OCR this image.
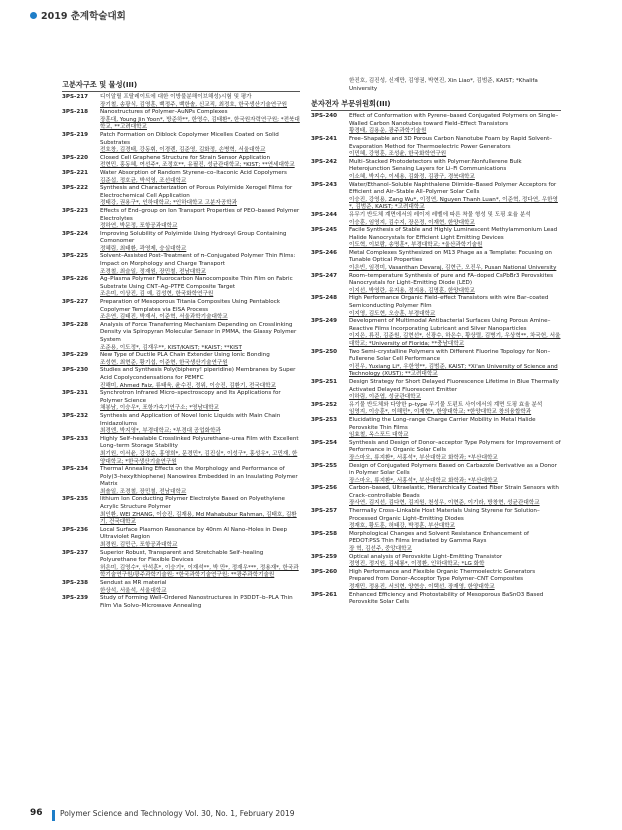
2019 춘계학술대회
고분자구조 및 물성(III)
3PS-217	디이알릴 프탈레이트에 대한 이방불분해이브해성)시험 및 평가
장기철, 송광식, 김영훈, 백정주, 백한솔, 신교직, 최정호, 한국생산기술연구원
3PS-218	Nanostructures of Polymer–AuNPs Complexes
장훈대, Young Jin Yoon*, 방준하**, 한영수, 김태환*, 한국원자력연구원; *전북대학교, **고려대학교
3PS-219	Patch Formation on Diblock Copolymer Micelles Coated on Solid Substrates
전호창, 김경태, 강동휘, 이경렌, 김준영, 김화정, 손병혁, 서울대학교
3PS-220	Closed Cell Graphene Structure for Strain Sensor Application
전현민, 홍동혜, 여선주*, 조정호**, 유필진, 성균관대학교; *KIST; **연세대학교
3PS-221	Water Absorption of Random Styrene–co–Itaconic Acid Copolymers
김준섭, 정호균, 박석영, 조선대학교
3PS-222	Synthesis and Characterization of Porous Polyimide Xerogel Films for Electrochemical Cell Application
정태강, 권용구*, 인하대학교; *인하대학교 고분자공학과
3PS-223	Effects of End–group on Ion Transport Properties of PEO–based Polymer Electrolytes
정하연, 박문정, 포항공과대학교
3PS-224	Improving Solubility of Polyimide Using Hydroxyl Group Containing Comonomer
정혜림, 최태환, 곽영제, 숭실대학교
3PS-225	Solvent–Assisted Post–Treatment of π–Conjugated Polymer Thin Films: Impact on Morphology and Charge Transport
조경철, 최슬일, 정재원, 장민철, 전남대학교
3PS-226	Ag–Plasma Polymer Fluorocarbon Nanocomposite Thin Film on Fabric Substrate Using CNT–Ag–PTFE Composite Target
조은미, 이상진, 김 예, 김성현, 한국화학연구원
3PS-227	Preparation of Mesoporous Titania Composites Using Pentablock Copolymer Templates via EISA Process
조은연, 김태진, 박재서, 이준혁, 서울과학기술대학교
3PS-228	Analysis of Force Transferring Mechanism Depending on Crosslinking Density via Spiropyran Molecular Sensor in PMMA, the Glassy Polymer System
조준용, 이도정*, 김재우**, KIST/KAIST; *KAIST; **KIST
3PS-229	New Type of Ductile PLA Chain Extender Using Ionic Bonding
조성현, 최현준, 황기섭, 이준현, 한국생산기술연구원
3PS-230	Studies and Synthesis Poly(bipheny! piperidine) Membranes by Super Acid Copolycondensations for PEMFC
진해미, Ahmed Faiz, 류태욱, 윤수진, 정위, 이승진, 김환기, 전국대학교
3PS-231	Synchrotron Infrared Micro–spectroscopy and Its Applications for Polymer Science
채봉남, 이승우*, 포항가속기연구소; *영남대학교
3PS-232	Synthesis and Application of Novel Ionic Liquids with Main Chain Imidazoliums
최경엔, 박지영*, 부경대학교; *부경대 공업화학과
3PS-233	Highly Self–healable Crosslinked Polyurethane–urea Film with Excellent Long–term Storage Stability
최기원, 이서윤, 강정순, 홍영희*, 문경민*, 김진실*, 이성구*, 홍성우*, 고민재, 한양대학교; *한국생산기술연구원
3PS-234	Thermal Annealing Effects on the Morphology and Performance of Poly(3–hexylthiophene) Nanowires Embedded in an Insulating Polymer Matrix
최솔일, 조경철, 장민철, 전남대학교
3PS-235	lithium Ion Conducting Polymer Electrolyte Based on Polyethylene Acrylic Structure Polymer
최인환, WEI ZHANG, 이승진, 김재용, Md Mahabubur Rahman, 김태호, 김환기, 건국대학교
3PS-236	Local Surface Plasmon Resonance by 40nm Al Nano–Holes in Deep Ultraviolet Region
최경원, 김민근, 포항공과대학교
3PS-237	Superior Robust, Transparent and Stretchable Self–healing Polyurethane for Flexible Devices
허은미, 김영수*, 안석훈*, 이승기*, 이재석**, 박 만*, 정재우***, 정용재*, 한국과학기술연구원/광주과학기술원; *한국과학기술연구원; **광주과학기술원
3PS-238	Sendust as MR material
한상석, 서울석, 서울대학교
3PS-239	Study of Forming Well–Ordered Nanostructures in P3DDT–b–PLA Thin Film Via Solvo–Microwave Annealing
한진호, 김진성, 신재만, 김영권, 박현진, Xin Liao*, 김범준, KAIST; *Khalifa University
분자전자 부문위원회(III)
3PS-240	Effect of Conformation with Pyrene–based Conjugated Polymers on Single–Walled Carbon Nanotubes toward Field–Effect Transistors
황경태, 김용운, 광주과학기술원
3PS-241	Free–Shapable and 3D Porous Carbon Nanotube Foam by Rapid Solvent–Evaporation Method for Thermoelectric Power Generators
이민혜, 강명훈, 조성윤, 한국화학연구원
3PS-242	Multi–Stacked Photodetectors with Polymer:Nonfullerene Bulk Heterojunction Sensing Layers for Li–Fi Communications
이소혜, 박지수, 이세용, 김화정, 김광구, 경북대학교
3PS-243	Water/Ethanol–Soluble Naphthalene Diimide–Based Polymer Acceptors for Efficient and Air–Stable All–Polymer Solar Cells
이승진, 강영용, Zang Wu*, 이정연, Nguyen Thanh Luan*, 이준혁, 정다연, 우한영*, 김범준, KAIST; *고려대학교
3PS-244	유무기 반도체 계면에서의 레이저 레벨에 따른 착물 형성 및 도핑 효율 분석
이승훈, 임영지, 김수지, 장은정, 이재현, 한양대학교
3PS-245	Facile Synthesis of Stable and Highly Luminescent Methylammonium Lead Halide Nanocrystals for Efficient Light Emitting Devices
이도혁, 이보람, 송명훈*, 부경대학교; *울산과학기술원
3PS-246	Metal Complexes Synthesized on M13 Phage as a Template: Focusing on Tunable Optical Properties
이은빈, 임경미, Vasanthan Devaraj, 김현근, 오진우, Pusan National University
3PS-247	Room–temperature Synthesis of pure and FA–doped CsPbBr3 Perovskites Nanocrystals for Light–Emitting Diode (LED)
이지선, 박영란, 유지용, 정지용, 김명훈, 한양대학교
3PS-248	High Performance Organic Field–effect Transistors with wire Bar–coated Semiconducting Polymer Film
이지영, 김도현, 오승훈, 부경대학교
3PS-249	Development of Multimodal Antibacterial Surfaces Using Porous Amine–Reactive Films Incorporating Lubricant and Silver Nanoparticles
이지은, 류진, 김준원, 김현선*, 신광수, 하은수, 황상렬, 김병기, 우상혁**, 차국헌, 서울대학교; *University of Florida; **충남대학교
3PS-250	Two Semi–crystalline Polymers with Different Fluorine Topology for Non–Fullerene Solar Cell Performance
이진우, Yuxiang Li*, 우한영**, 김범준, KAIST; *Xi'an University of Science and Technology (XUST); **고려대학교
3PS-251	Design Strategy for Short Delayed Fluorescence Lifetime in Blue Thermally Activated Delayed Fluorescent Emitter
이하림, 이준엽, 성균관대학교
3PS-252	유기물 반도체와 다양한 p–type 무기물 도펀트 사이에서의 계면 도핑 효율 분석
임영지, 이승훈*, 이해민*, 이재현*, 한양대학교; *한양대학교 창의융합학과
3PS-253	Elucidating the Long–range Charge Carrier Mobility in Metal Halide Perovskite Thin Films
임효철, 옥스포드 대학교
3PS-254	Synthesis and Design of Donor–acceptor Type Polymers for Improvement of Performance in Organic Solar Cells
장스마오, 류지환*, 서홍석*, 부산대학교 화학과; *부산대학교
3PS-255	Design of Conjugated Polymers Based on Carbazole Derivative as a Donor in Polymer Solar Cells
장스마오, 류지환*, 서홍석*, 부산대학교 화학과; *부산대학교
3PS-256	Carbon–based, Ultraelastic, Hierarchically Coated Fiber Strain Sensors with Crack–controllable Beads
장사연, 김지선, 김다현, 김지원, 천성우, 이현준, 이기라, 방창현, 성균관대학교
3PS-257	Thermally Cross–Linkable Host Materials Using Styrene for Solution–Processed Organic Light–Emitting Diodes
정재호, 황도훈, 허태강, 박정훈, 부산대학교
3PS-258	Morphological Changes and Solvent Resistance Enhancement of PEDOT:PSS Thin Films Irradiated by Gamma Rays
장 혁, 김선주, 중앙대학교
3PS-259	Optical analysis of Perovskite Light–Emitting Transistor
정영진, 정지원, 김세룡*, 이정환, 인하대학교; *LG 화학
3PS-260	High Performance and Flexible Organic Thermoelectric Generators Prepared from Donor–Acceptor Type Polymer–CNT Composites
정재민, 정용진, 서의현, 양현승, 이택선, 장재영, 한양대학교
3PS-261	Enhanced Efficiency and Photostability of Mesoporous BaSnO3 Based Perovskite Solar Cells
96 Polymer Science and Technology Vol. 30, No. 1, February 2019
